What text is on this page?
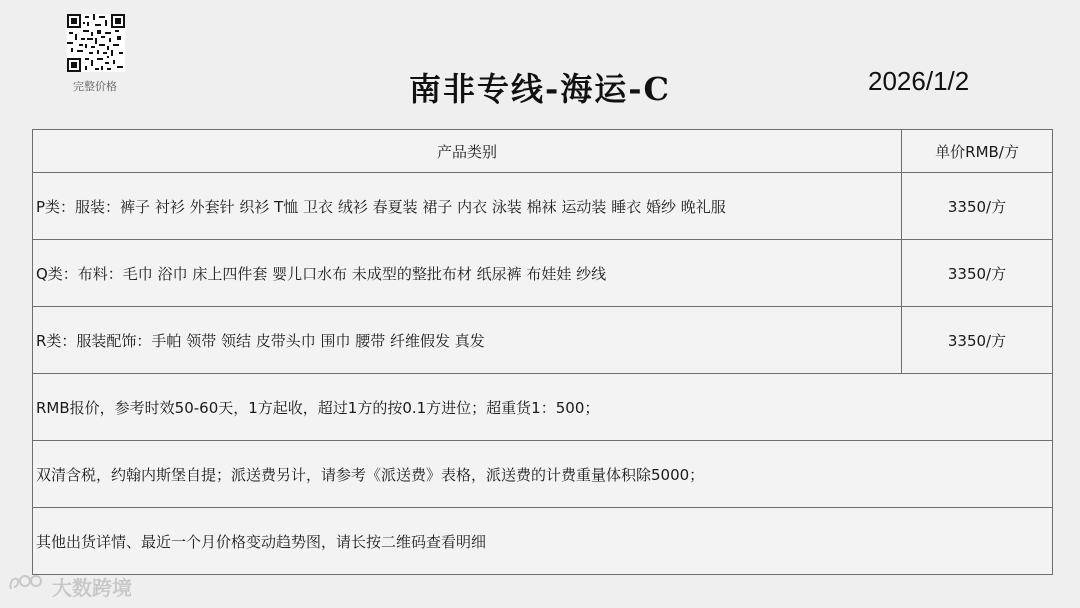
完整价格	南非专线-海运-C	2026/1/2
产品类别	单价RMB/方
P类：服装：裤子 衬衫 外套针 织衫 T恤 卫衣 绒衫 春夏装 裙子 内衣 泳装 棉袜 运动装 睡衣 婚纱 晚礼服	3350/方
Q类：布料：毛巾 浴巾 床上四件套 婴儿口水布 未成型的整批布材 纸尿裤 布娃娃 纱线	3350/方
R类：服装配饰：手帕 领带 领结 皮带头巾 围巾 腰带 纤维假发 真发	3350/方
RMB报价，参考时效50-60天，1方起收，超过1方的按0.1方进位；超重货1：500；	
双清含税，约翰内斯堡自提；派送费另计，请参考《派送费》表格，派送费的计费重量体积除5000；	
其他出货详情、最近一个月价格变动趋势图，请长按二维码查看明细	
大数跨境
